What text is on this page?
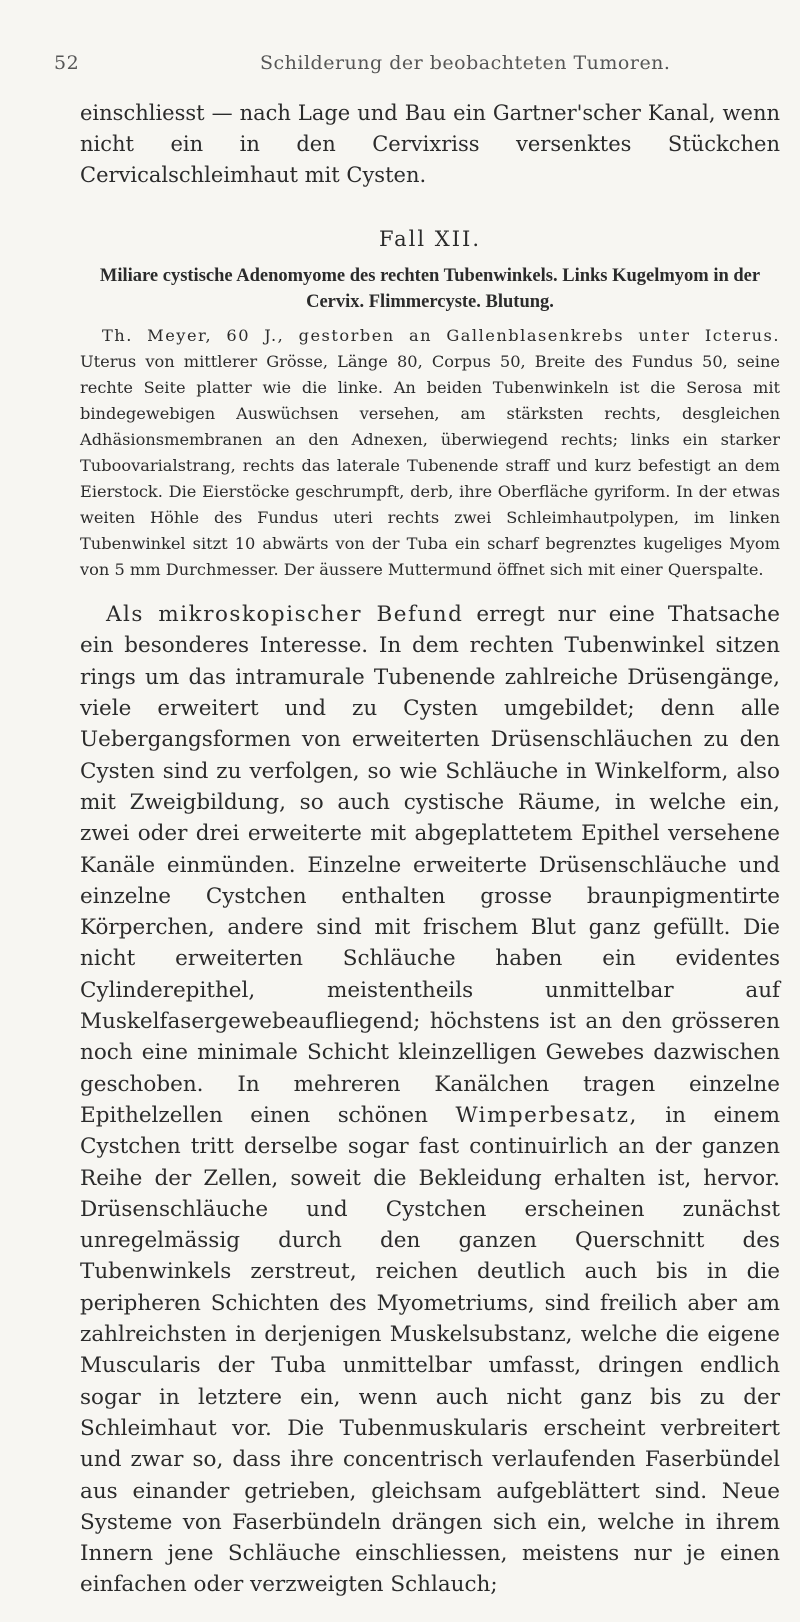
52	Schilderung der beobachteten Tumoren.

einschliesst — nach Lage und Bau ein Gartner'scher Kanal, wenn nicht ein in den Cervixriss versenktes Stückchen Cervicalschleimhaut mit Cysten.

Fall XII.
Miliare cystische Adenomyome des rechten Tubenwinkels. Links Kugelmyom in der Cervix. Flimmercyste. Blutung.

Th. Meyer, 60 J., gestorben an Gallenblasenkrebs unter Icterus. Uterus von mittlerer Grösse, Länge 80, Corpus 50, Breite des Fundus 50, seine rechte Seite platter wie die linke. An beiden Tubenwinkeln ist die Serosa mit bindegewebigen Auswüchsen versehen, am stärksten rechts, desgleichen Adhäsionsmembranen an den Adnexen, überwiegend rechts; links ein starker Tuboovarialstrang, rechts das laterale Tubenende straff und kurz befestigt an dem Eierstock. Die Eierstöcke geschrumpft, derb, ihre Oberfläche gyriform. In der etwas weiten Höhle des Fundus uteri rechts zwei Schleimhautpolypen, im linken Tubenwinkel sitzt 10 abwärts von der Tuba ein scharf begrenztes kugeliges Myom von 5 mm Durchmesser. Der äussere Muttermund öffnet sich mit einer Querspalte.

Als mikroskopischer Befund erregt nur eine Thatsache ein besonderes Interesse. In dem rechten Tubenwinkel sitzen rings um das intramurale Tubenende zahlreiche Drüsengänge, viele erweitert und zu Cysten umgebildet; denn alle Uebergangsformen von erweiterten Drüsenschläuchen zu den Cysten sind zu verfolgen, so wie Schläuche in Winkelform, also mit Zweigbildung, so auch cystische Räume, in welche ein, zwei oder drei erweiterte mit abgeplattetem Epithel versehene Kanäle einmünden. Einzelne erweiterte Drüsenschläuche und einzelne Cystchen enthalten grosse braunpigmentirte Körperchen, andere sind mit frischem Blut ganz gefüllt. Die nicht erweiterten Schläuche haben ein evidentes Cylinderepithel, meistentheils unmittelbar auf Muskelfasergewebeaufliegend; höchstens ist an den grösseren noch eine minimale Schicht kleinzelligen Gewebes dazwischen geschoben. In mehreren Kanälchen tragen einzelne Epithelzellen einen schönen Wimperbesatz, in einem Cystchen tritt derselbe sogar fast continuirlich an der ganzen Reihe der Zellen, soweit die Bekleidung erhalten ist, hervor. Drüsenschläuche und Cystchen erscheinen zunächst unregelmässig durch den ganzen Querschnitt des Tubenwinkels zerstreut, reichen deutlich auch bis in die peripheren Schichten des Myometriums, sind freilich aber am zahlreichsten in derjenigen Muskelsubstanz, welche die eigene Muscularis der Tuba unmittelbar umfasst, dringen endlich sogar in letztere ein, wenn auch nicht ganz bis zu der Schleimhaut vor. Die Tubenmuskularis erscheint verbreitert und zwar so, dass ihre concentrisch verlaufenden Faserbündel aus einander getrieben, gleichsam aufgeblättert sind. Neue Systeme von Faserbündeln drängen sich ein, welche in ihrem Innern jene Schläuche einschliessen, meistens nur je einen einfachen oder verzweigten Schlauch;
